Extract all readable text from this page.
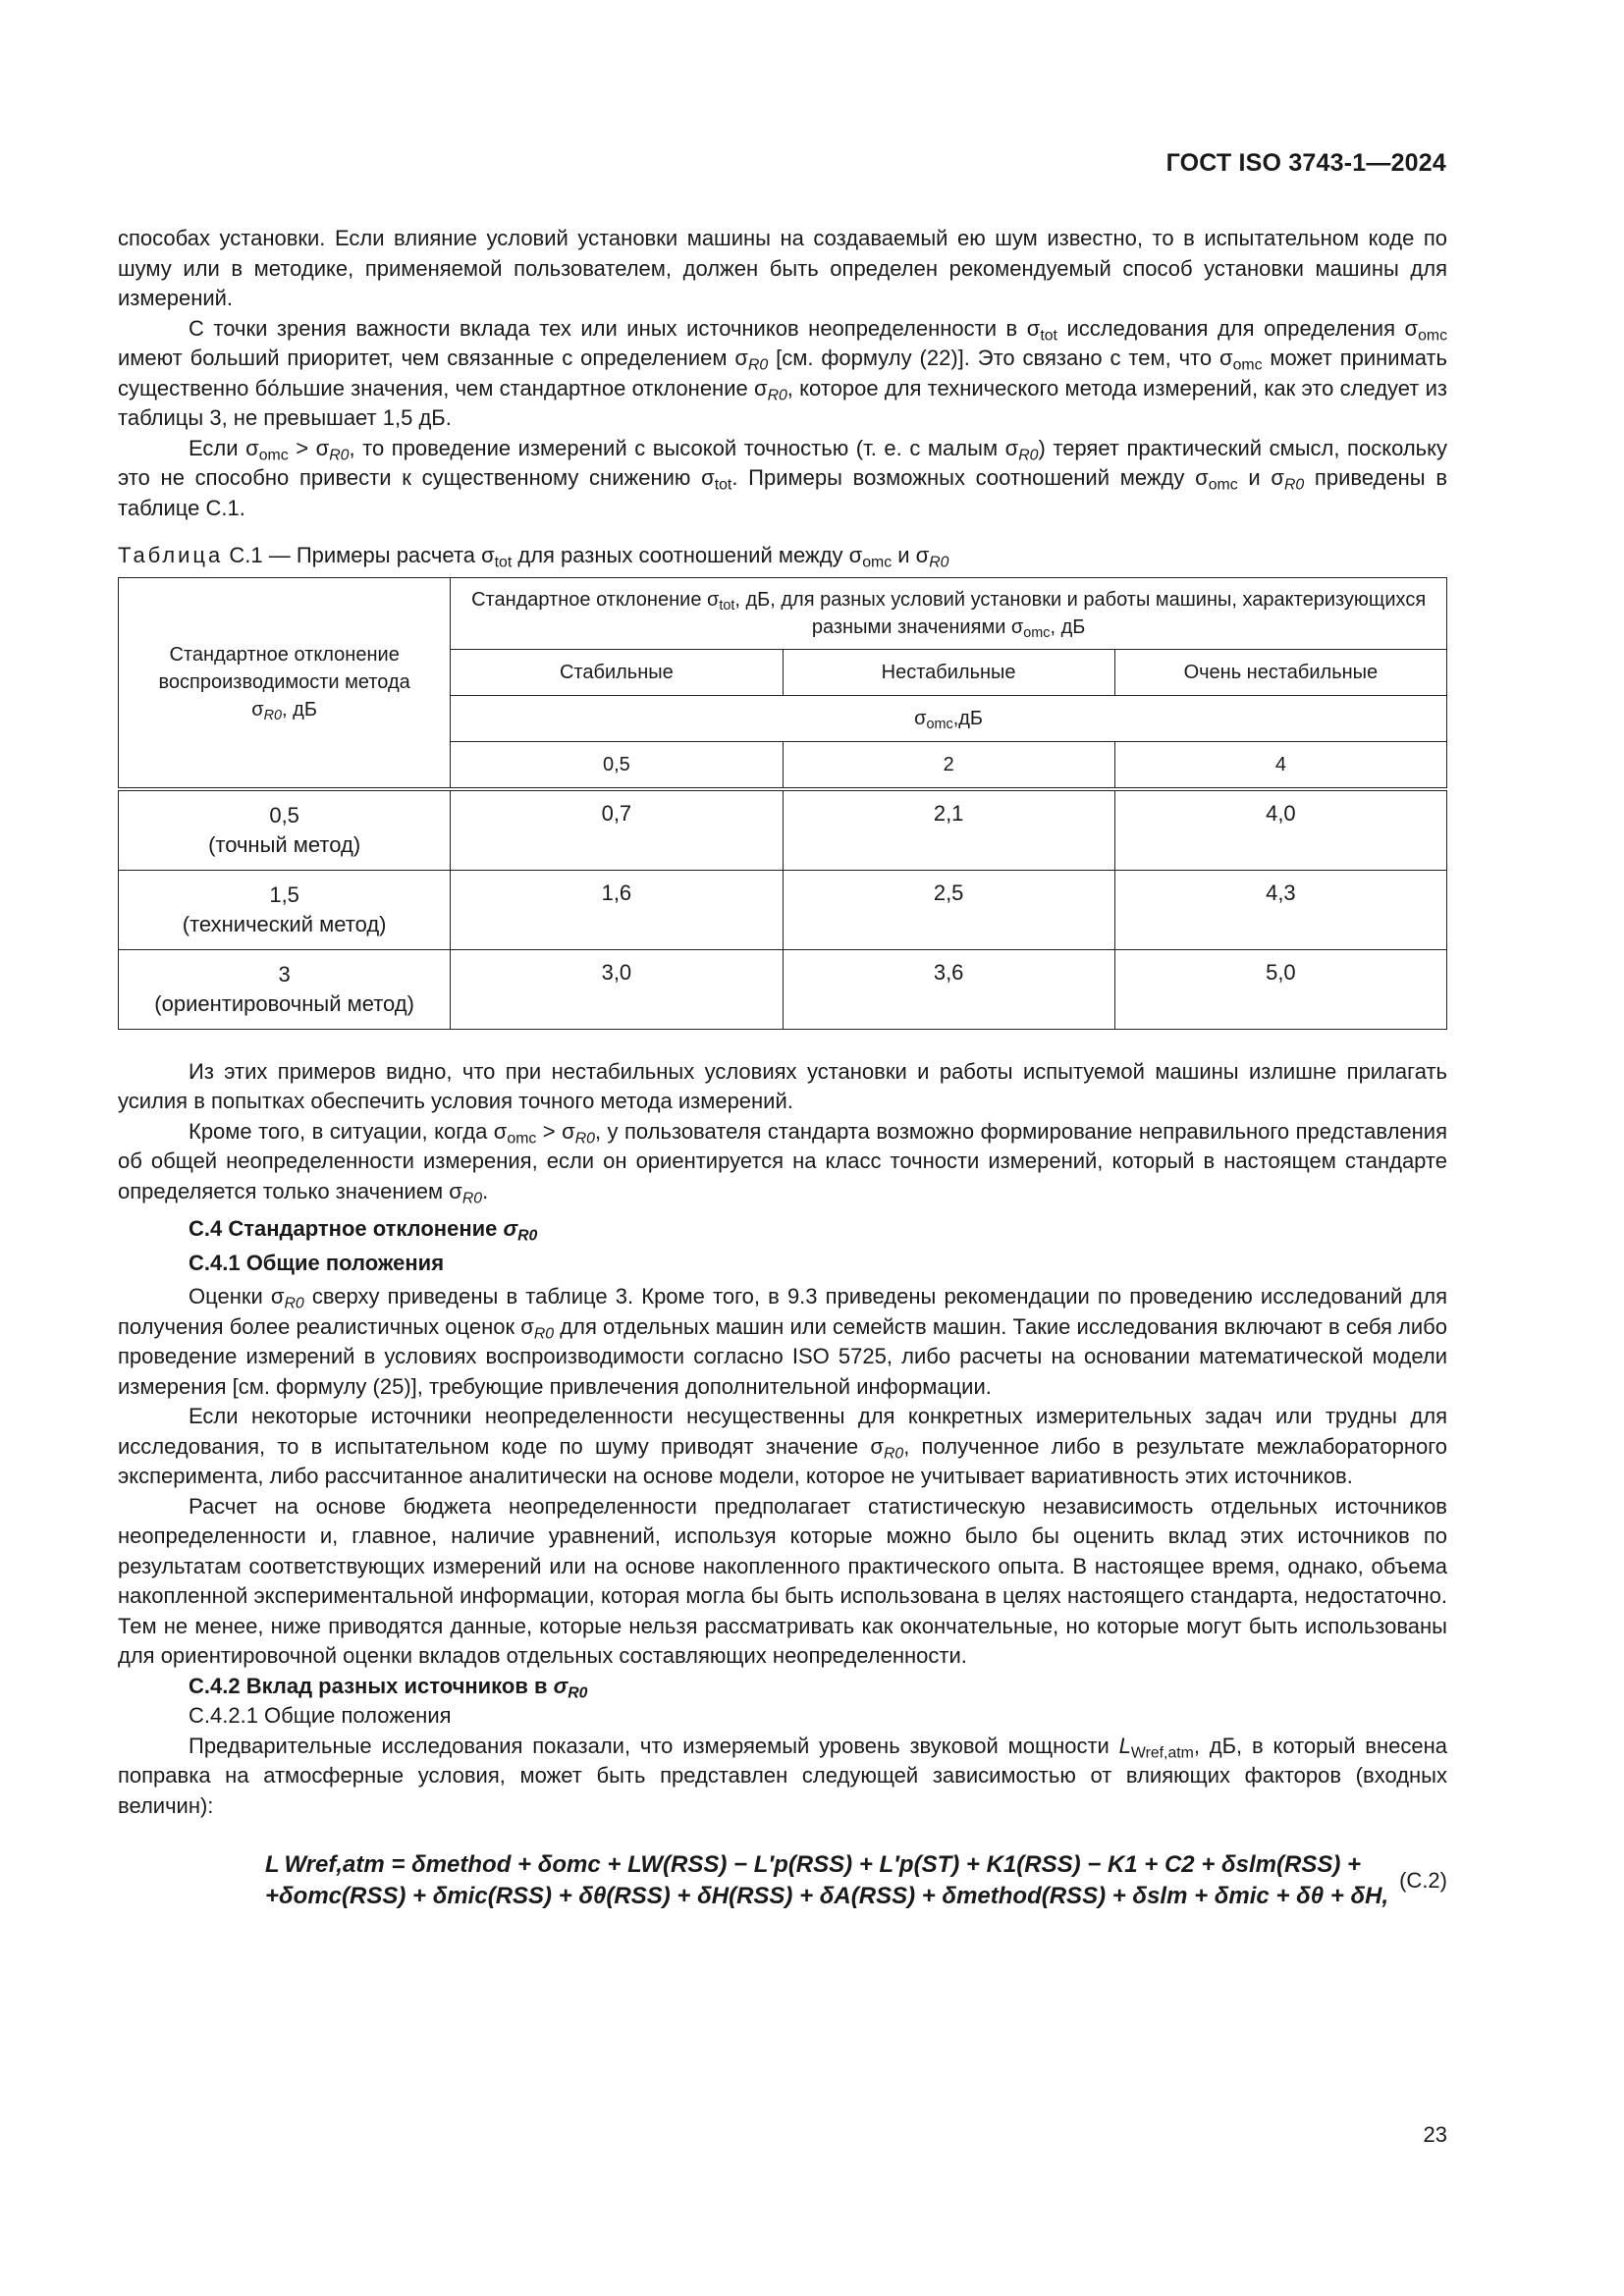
ГОСТ ISO 3743-1—2024

способах установки. Если влияние условий установки машины на создаваемый ею шум известно, то в испытательном коде по шуму или в методике, применяемой пользователем, должен быть определен рекомендуемый способ установки машины для измерений.

С точки зрения важности вклада тех или иных источников неопределенности в $\sigma_{tot}$ исследования для определения $\sigma_{omc}$ имеют больший приоритет, чем связанные с определением $\sigma_{R0}$ [см. формулу (22)]. Это связано с тем, что $\sigma_{omc}$ может принимать существенно бо́льшие значения, чем стандартное отклонение $\sigma_{R0}$, которое для технического метода измерений, как это следует из таблицы 3, не превышает 1,5 дБ.

Если $\sigma_{omc} > \sigma_{R0}$, то проведение измерений с высокой точностью (т. е. с малым $\sigma_{R0}$) теряет практический смысл, поскольку это не способно привести к существенному снижению $\sigma_{tot}$. Примеры возможных соотношений между $\sigma_{omc}$ и $\sigma_{R0}$ приведены в таблице С.1.

Таблица С.1 — Примеры расчета $\sigma_{tot}$ для разных соотношений между $\sigma_{omc}$ и $\sigma_{R0}$
Стандартное отклонение воспроизводимости метода
$\sigma_{R0}$, дБ	Стандартное отклонение $\sigma_{tot}$, дБ, для разных условий установки и работы машины, характеризующихся разными значениями $\sigma_{omc}$, дБ		
	Стабильные	Нестабильные	Очень нестабильные
	$\sigma_{omc},дБ$		
	0,5	2	4
0,5
(точный метод)	0,7	2,1	4,0
1,5
(технический метод)	1,6	2,5	4,3
3
(ориентировочный метод)	3,0	3,6	5,0

Из этих примеров видно, что при нестабильных условиях установки и работы испытуемой машины излишне прилагать усилия в попытках обеспечить условия точного метода измерений.

Кроме того, в ситуации, когда $\sigma_{omc} > \sigma_{R0}$, у пользователя стандарта возможно формирование неправильного представления об общей неопределенности измерения, если он ориентируется на класс точности измерений, который в настоящем стандарте определяется только значением $\sigma_{R0}$.

С.4 Стандартное отклонение $\sigma_{R0}$
С.4.1 Общие положения

Оценки $\sigma_{R0}$ сверху приведены в таблице 3. Кроме того, в 9.3 приведены рекомендации по проведению исследований для получения более реалистичных оценок $\sigma_{R0}$ для отдельных машин или семейств машин. Такие исследования включают в себя либо проведение измерений в условиях воспроизводимости согласно ISO 5725, либо расчеты на основании математической модели измерения [см. формулу (25)], требующие привлечения дополнительной информации.

Если некоторые источники неопределенности несущественны для конкретных измерительных задач или трудны для исследования, то в испытательном коде по шуму приводят значение $\sigma_{R0}$, полученное либо в результате межлабораторного эксперимента, либо рассчитанное аналитически на основе модели, которое не учитывает вариативность этих источников.

Расчет на основе бюджета неопределенности предполагает статистическую независимость отдельных источников неопределенности и, главное, наличие уравнений, используя которые можно было бы оценить вклад этих источников по результатам соответствующих измерений или на основе накопленного практического опыта. В настоящее время, однако, объема накопленной экспериментальной информации, которая могла бы быть использована в целях настоящего стандарта, недостаточно. Тем не менее, ниже приводятся данные, которые нельзя рассматривать как окончательные, но которые могут быть использованы для ориентировочной оценки вкладов отдельных составляющих неопределенности.

С.4.2 Вклад разных источников в $\sigma_{R0}$
С.4.2.1 Общие положения

Предварительные исследования показали, что измеряемый уровень звуковой мощности $L_{Wref,atm}$, дБ, в который внесена поправка на атмосферные условия, может быть представлен следующей зависимостью от влияющих факторов (входных величин):

L Wref,atm = δmethod + δomc + LW(RSS) − L′p(RSS) + L′p(ST) + K1(RSS) − K1 + C2 + δslm(RSS) +
+δomc(RSS) + δmic(RSS) + δθ(RSS) + δH(RSS) + δA(RSS) + δmethod(RSS) + δslm + δmic + δθ + δH,
(C.2)
23
